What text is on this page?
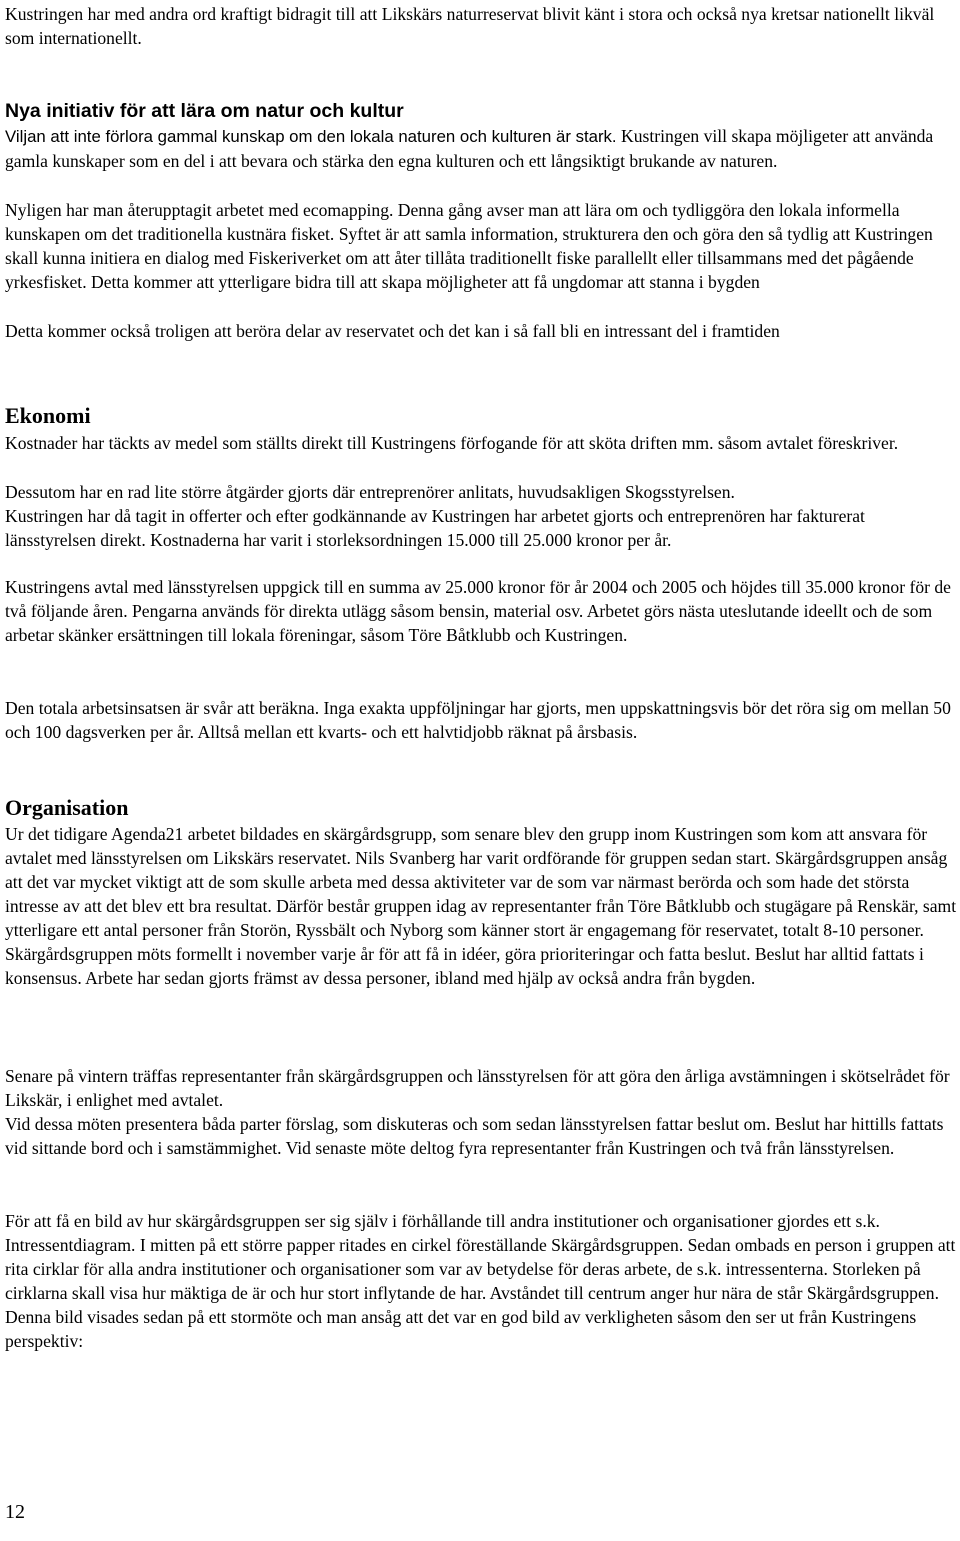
Kustringen har med andra ord kraftigt bidragit till att Likskärs naturreservat blivit känt i stora och också nya kretsar nationellt likväl som internationellt.

Nya initiativ för att lära om natur och kultur

Viljan att inte förlora gammal kunskap om den lokala naturen och kulturen är stark. Kustringen vill skapa möjligeter att använda gamla kunskaper som en del i att bevara och stärka den egna kulturen och ett långsiktigt brukande av naturen.

Nyligen har man återupptagit arbetet med ecomapping. Denna gång avser man att lära om och tydliggöra den lokala informella kunskapen om det traditionella kustnära fisket. Syftet är att samla information, strukturera den och göra den så tydlig att Kustringen skall kunna initiera en dialog med Fiskeriverket om att åter tillåta traditionellt fiske parallellt eller tillsammans med det pågående yrkesfisket. Detta kommer att ytterligare bidra till att skapa möjligheter att få ungdomar att stanna i bygden

Detta kommer också troligen att beröra delar av reservatet och det kan i så fall bli en intressant del i framtiden

Ekonomi

Kostnader har täckts av medel som ställts direkt till Kustringens förfogande för att sköta driften mm. såsom avtalet föreskriver.

Dessutom har en rad lite större åtgärder gjorts där entreprenörer anlitats, huvudsakligen Skogsstyrelsen.

Kustringen har då tagit in offerter och efter godkännande av Kustringen har arbetet gjorts och entreprenören har fakturerat länsstyrelsen direkt. Kostnaderna har varit i storleksordningen 15.000 till 25.000 kronor per år.

Kustringens avtal med länsstyrelsen uppgick till en summa av 25.000 kronor för år 2004 och 2005 och höjdes till 35.000 kronor för de två följande åren. Pengarna används för direkta utlägg såsom bensin, material osv. Arbetet görs nästa uteslutande ideellt och de som arbetar skänker ersättningen till lokala föreningar, såsom Töre Båtklubb och Kustringen.

Den totala arbetsinsatsen är svår att beräkna. Inga exakta uppföljningar har gjorts, men uppskattningsvis bör det röra sig om mellan 50 och 100 dagsverken per år. Alltså mellan ett kvarts- och ett halvtidjobb räknat på årsbasis.

Organisation

Ur det tidigare Agenda21 arbetet bildades en skärgårdsgrupp, som senare blev den grupp inom Kustringen som kom att ansvara för avtalet med länsstyrelsen om Likskärs reservatet. Nils Svanberg har varit ordförande för gruppen sedan start. Skärgårdsgruppen ansåg att det var mycket viktigt att de som skulle arbeta med dessa aktiviteter var de som var närmast berörda och som hade det största intresse av att det blev ett bra resultat. Därför består gruppen idag av representanter från Töre Båtklubb och stugägare på Renskär, samt ytterligare ett antal personer från Storön, Ryssbält och Nyborg som känner stort är engagemang för reservatet, totalt 8-10 personer. Skärgårdsgruppen möts formellt i november varje år för att få in idéer, göra prioriteringar och fatta beslut. Beslut har alltid fattats i konsensus. Arbete har sedan gjorts främst av dessa personer, ibland med hjälp av också andra från bygden.

Senare på vintern träffas representanter från skärgårdsgruppen och länsstyrelsen för att göra den årliga avstämningen i skötselrådet för Likskär, i enlighet med avtalet.

Vid dessa möten presentera båda parter förslag, som diskuteras och som sedan länsstyrelsen fattar beslut om. Beslut har hittills fattats vid sittande bord och i samstämmighet. Vid senaste möte deltog fyra representanter från Kustringen och två från länsstyrelsen.

För att få en bild av hur skärgårdsgruppen ser sig själv i förhållande till andra institutioner och organisationer gjordes ett s.k. Intressentdiagram. I mitten på ett större papper ritades en cirkel föreställande Skärgårdsgruppen. Sedan ombads en person i gruppen att rita cirklar för alla andra institutioner och organisationer som var av betydelse för deras arbete, de s.k. intressenterna. Storleken på cirklarna skall visa hur mäktiga de är och hur stort inflytande de har. Avståndet till centrum anger hur nära de står Skärgårdsgruppen. Denna bild visades sedan på ett stormöte och man ansåg att det var en god bild av verkligheten såsom den ser ut från Kustringens perspektiv:

12
